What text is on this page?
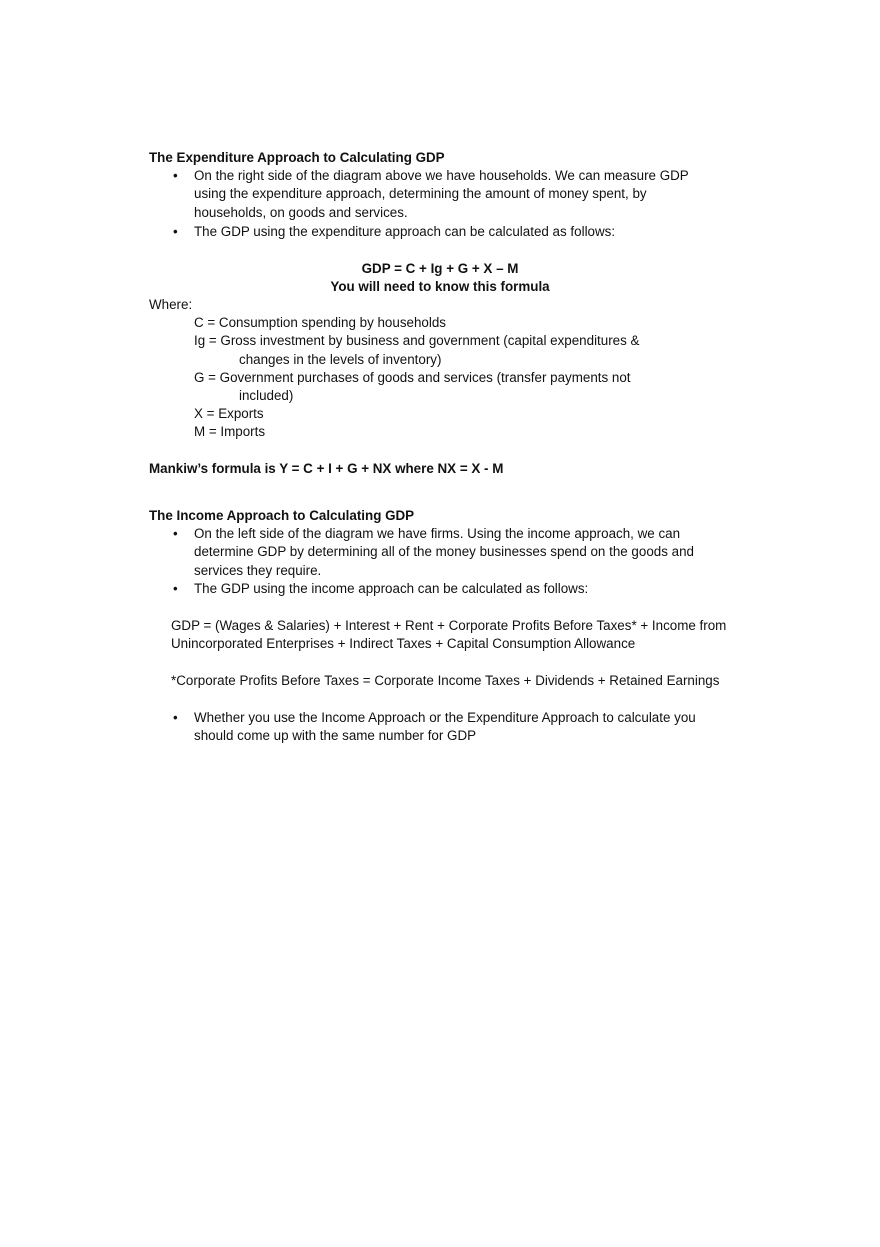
The Expenditure Approach to Calculating GDP
• On the right side of the diagram above we have households. We can measure GDP
using the expenditure approach, determining the amount of money spent, by
households, on goods and services.
• The GDP using the expenditure approach can be calculated as follows:
GDP = C + Ig + G + X – M
You will need to know this formula
Where:
C = Consumption spending by households
Ig = Gross investment by business and government (capital expenditures &
changes in the levels of inventory)
G = Government purchases of goods and services (transfer payments not
included)
X = Exports
M = Imports
Mankiw’s formula is Y = C + I + G + NX where NX = X - M
The Income Approach to Calculating GDP
• On the left side of the diagram we have firms. Using the income approach, we can
determine GDP by determining all of the money businesses spend on the goods and
services they require.
• The GDP using the income approach can be calculated as follows:
GDP = (Wages & Salaries) + Interest + Rent + Corporate Profits Before Taxes* + Income from
Unincorporated Enterprises + Indirect Taxes + Capital Consumption Allowance
*Corporate Profits Before Taxes = Corporate Income Taxes + Dividends + Retained Earnings
• Whether you use the Income Approach or the Expenditure Approach to calculate you
should come up with the same number for GDP
